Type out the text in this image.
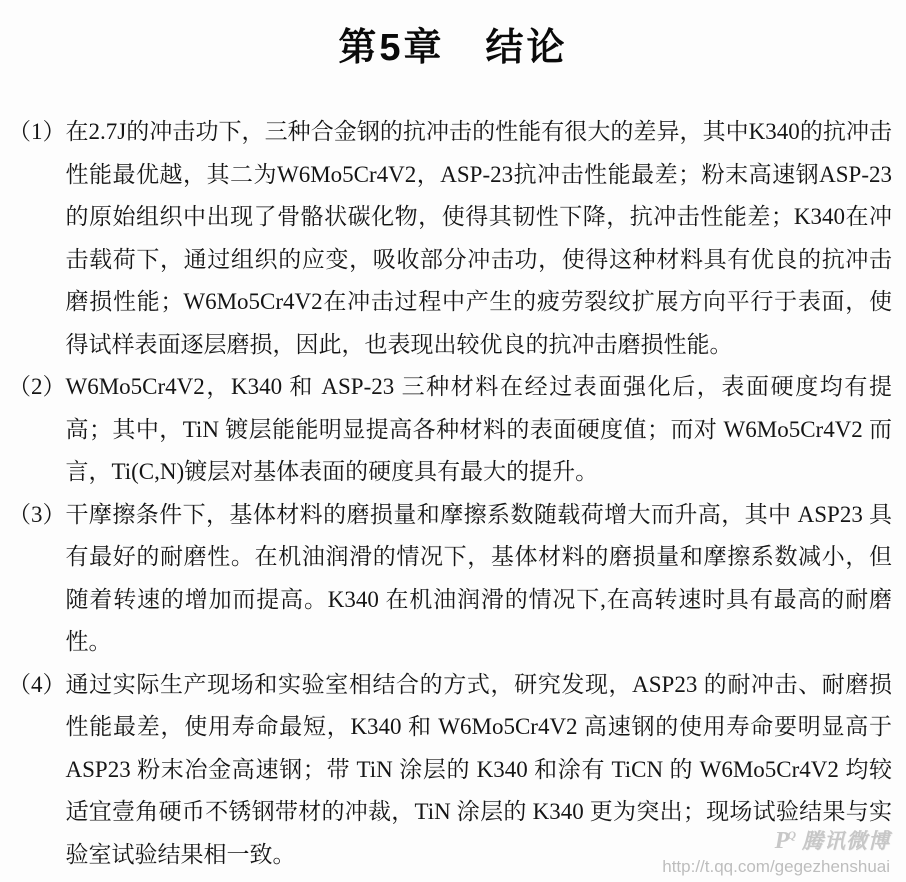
第5章　结论
（1） 在2.7J的冲击功下，三种合金钢的抗冲击的性能有很大的差异，其中K340的抗冲击性能最优越，其二为W6Mo5Cr4V2，ASP-23抗冲击性能最差；粉末高速钢ASP-23的原始组织中出现了骨骼状碳化物，使得其韧性下降，抗冲击性能差；K340在冲击载荷下，通过组织的应变，吸收部分冲击功，使得这种材料具有优良的抗冲击磨损性能；W6Mo5Cr4V2在冲击过程中产生的疲劳裂纹扩展方向平行于表面，使得试样表面逐层磨损，因此，也表现出较优良的抗冲击磨损性能。
（2） W6Mo5Cr4V2，K340 和 ASP-23 三种材料在经过表面强化后，表面硬度均有提高；其中，TiN 镀层能能明显提高各种材料的表面硬度值；而对 W6Mo5Cr4V2 而言，Ti(C,N)镀层对基体表面的硬度具有最大的提升。
（3） 干摩擦条件下，基体材料的磨损量和摩擦系数随载荷增大而升高，其中 ASP23 具有最好的耐磨性。在机油润滑的情况下，基体材料的磨损量和摩擦系数减小，但随着转速的增加而提高。K340 在机油润滑的情况下,在高转速时具有最高的耐磨性。
（4） 通过实际生产现场和实验室相结合的方式，研究发现，ASP23 的耐冲击、耐磨损性能最差，使用寿命最短，K340 和 W6Mo5Cr4V2 高速钢的使用寿命要明显高于 ASP23 粉末冶金高速钢；带 TiN 涂层的 K340 和涂有 TiCN 的 W6Mo5Cr4V2 均较适宜壹角硬币不锈钢带材的冲裁，TiN 涂层的 K340 更为突出；现场试验结果与实验室试验结果相一致。	$P^Q$ 腾讯微博
http://t.qq.com/gegezhenshuai
